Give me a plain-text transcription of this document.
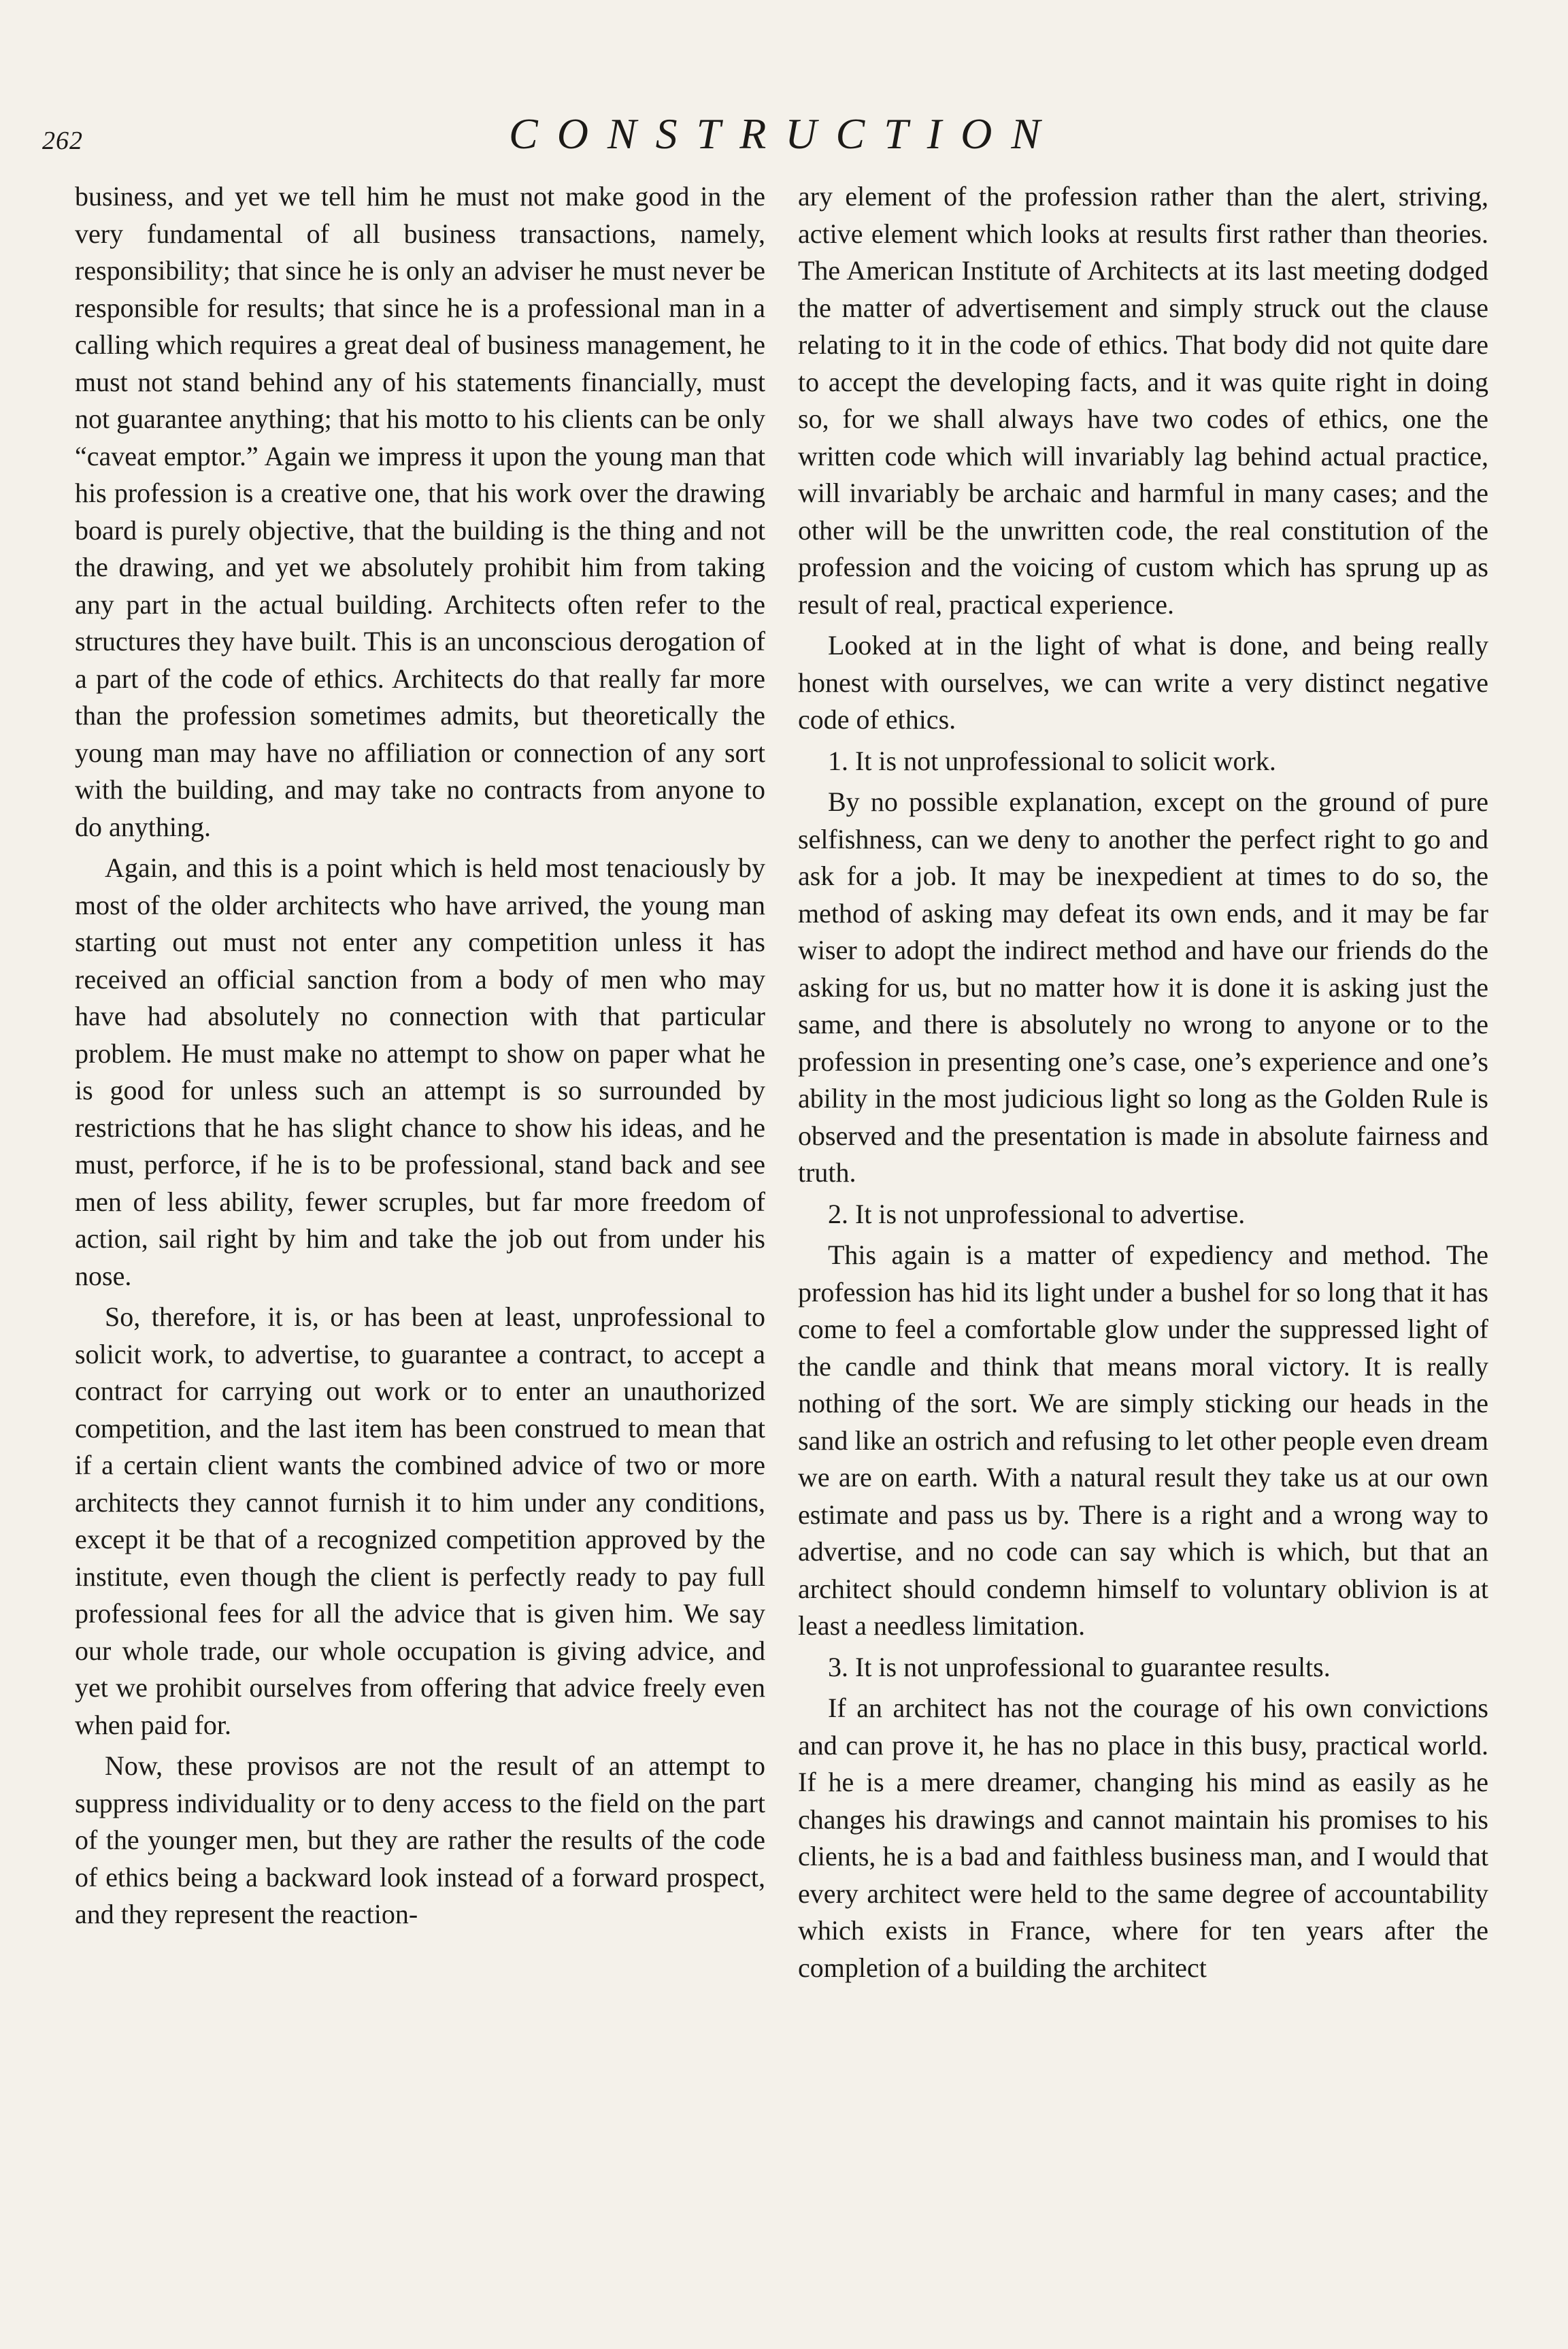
262	CONSTRUCTION

business, and yet we tell him he must not make good in the very fundamental of all business transactions, namely, responsibility; that since he is only an adviser he must never be responsible for results; that since he is a professional man in a calling which requires a great deal of business management, he must not stand behind any of his statements financially, must not guarantee anything; that his motto to his clients can be only “caveat emptor.” Again we impress it upon the young man that his profession is a creative one, that his work over the drawing board is purely objective, that the building is the thing and not the drawing, and yet we absolutely prohibit him from taking any part in the actual building. Architects often refer to the structures they have built. This is an unconscious derogation of a part of the code of ethics. Architects do that really far more than the profession sometimes admits, but theoretically the young man may have no affiliation or connection of any sort with the building, and may take no contracts from anyone to do anything.

Again, and this is a point which is held most tenaciously by most of the older architects who have arrived, the young man starting out must not enter any competition unless it has received an official sanction from a body of men who may have had absolutely no connection with that particular problem. He must make no attempt to show on paper what he is good for unless such an attempt is so surrounded by restrictions that he has slight chance to show his ideas, and he must, perforce, if he is to be professional, stand back and see men of less ability, fewer scruples, but far more freedom of action, sail right by him and take the job out from under his nose.

So, therefore, it is, or has been at least, unprofessional to solicit work, to advertise, to guarantee a contract, to accept a contract for carrying out work or to enter an unauthorized competition, and the last item has been construed to mean that if a certain client wants the combined advice of two or more architects they cannot furnish it to him under any conditions, except it be that of a recognized competition approved by the institute, even though the client is perfectly ready to pay full professional fees for all the advice that is given him. We say our whole trade, our whole occupation is giving advice, and yet we prohibit ourselves from offering that advice freely even when paid for.

Now, these provisos are not the result of an attempt to suppress individuality or to deny access to the field on the part of the younger men, but they are rather the results of the code of ethics being a backward look instead of a forward prospect, and they represent the reaction-

ary element of the profession rather than the alert, striving, active element which looks at results first rather than theories. The American Institute of Architects at its last meeting dodged the matter of advertisement and simply struck out the clause relating to it in the code of ethics. That body did not quite dare to accept the developing facts, and it was quite right in doing so, for we shall always have two codes of ethics, one the written code which will invariably lag behind actual practice, will invariably be archaic and harmful in many cases; and the other will be the unwritten code, the real constitution of the profession and the voicing of custom which has sprung up as result of real, practical experience.

Looked at in the light of what is done, and being really honest with ourselves, we can write a very distinct negative code of ethics.

1. It is not unprofessional to solicit work.

By no possible explanation, except on the ground of pure selfishness, can we deny to another the perfect right to go and ask for a job. It may be inexpedient at times to do so, the method of asking may defeat its own ends, and it may be far wiser to adopt the indirect method and have our friends do the asking for us, but no matter how it is done it is asking just the same, and there is absolutely no wrong to anyone or to the profession in presenting one’s case, one’s experience and one’s ability in the most judicious light so long as the Golden Rule is observed and the presentation is made in absolute fairness and truth.

2. It is not unprofessional to advertise.

This again is a matter of expediency and method. The profession has hid its light under a bushel for so long that it has come to feel a comfortable glow under the suppressed light of the candle and think that means moral victory. It is really nothing of the sort. We are simply sticking our heads in the sand like an ostrich and refusing to let other people even dream we are on earth. With a natural result they take us at our own estimate and pass us by. There is a right and a wrong way to advertise, and no code can say which is which, but that an architect should condemn himself to voluntary oblivion is at least a needless limitation.

3. It is not unprofessional to guarantee results.

If an architect has not the courage of his own convictions and can prove it, he has no place in this busy, practical world. If he is a mere dreamer, changing his mind as easily as he changes his drawings and cannot maintain his promises to his clients, he is a bad and faithless business man, and I would that every architect were held to the same degree of accountability which exists in France, where for ten years after the completion of a building the architect
